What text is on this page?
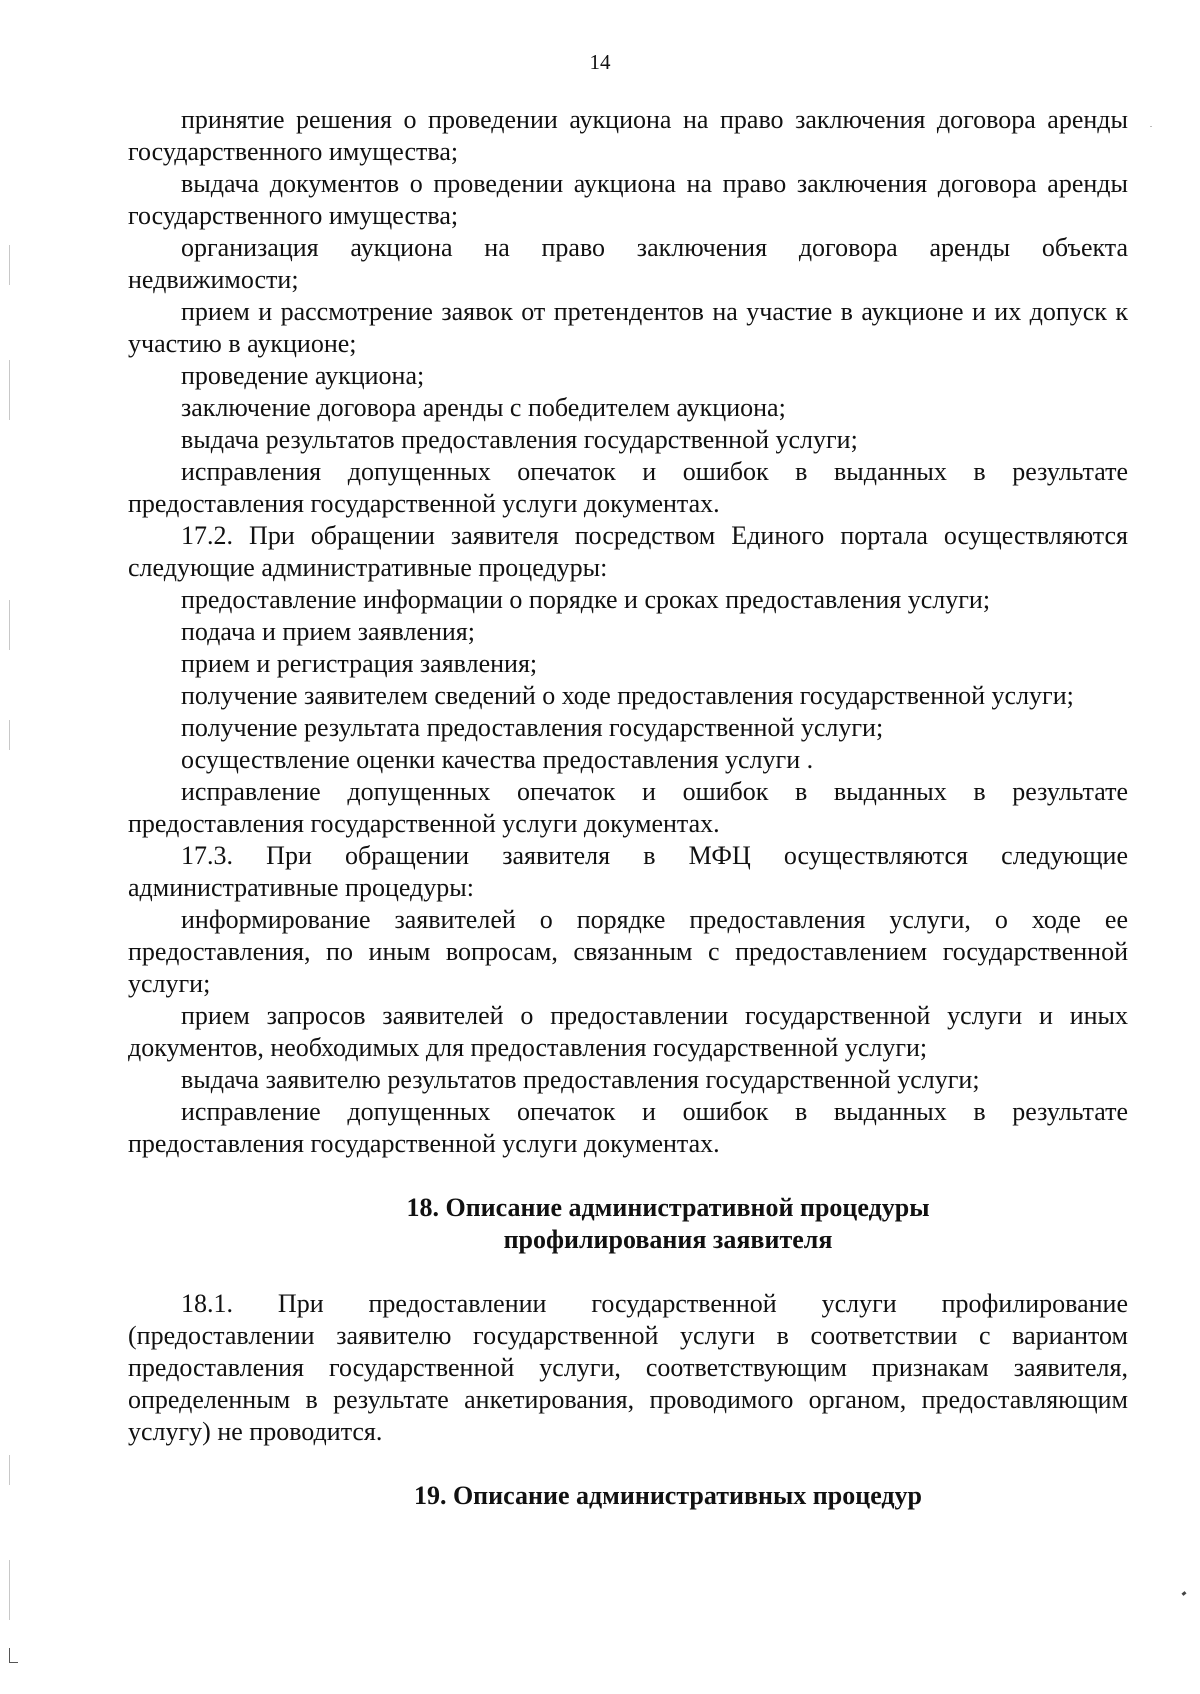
14

принятие решения о проведении аукциона на право заключения договора аренды государственного имущества;

выдача документов о проведении аукциона на право заключения договора аренды государственного имущества;

организация аукциона на право заключения договора аренды объекта недвижимости;

прием и рассмотрение заявок от претендентов на участие в аукционе и их допуск к участию в аукционе;

проведение аукциона;

заключение договора аренды с победителем аукциона;

выдача результатов предоставления государственной услуги;

исправления допущенных опечаток и ошибок в выданных в результате предоставления государственной услуги документах.

17.2. При обращении заявителя посредством Единого портала осуществляются следующие административные процедуры:

предоставление информации о порядке и сроках предоставления услуги;

подача и прием заявления;

прием и регистрация заявления;

получение заявителем сведений о ходе предоставления государственной услуги;

получение результата предоставления государственной услуги;

осуществление оценки качества предоставления услуги .

исправление допущенных опечаток и ошибок в выданных в результате предоставления государственной услуги документах.

17.3. При обращении заявителя в МФЦ осуществляются следующие административные процедуры:

информирование заявителей о порядке предоставления услуги, о ходе ее предоставления, по иным вопросам, связанным с предоставлением государственной услуги;

прием запросов заявителей о предоставлении государственной услуги и иных документов, необходимых для предоставления государственной услуги;

выдача заявителю результатов предоставления государственной услуги;

исправление допущенных опечаток и ошибок в выданных в результате предоставления государственной услуги документах.

18. Описание административной процедуры
профилирования заявителя

18.1. При предоставлении государственной услуги профилирование (предоставлении заявителю государственной услуги в соответствии с вариантом предоставления государственной услуги, соответствующим признакам заявителя, определенным в результате анкетирования, проводимого органом, предоставляющим услугу) не проводится.

19. Описание административных процедур
